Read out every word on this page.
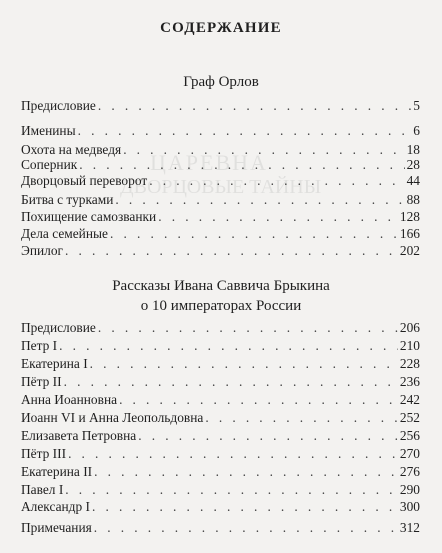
ЦАРЕВНА
ДВОРЦОВЫЕ ТАЙНЫ
СОДЕРЖАНИЕ
Граф Орлов
Предисловие . . .	5
Именины . . .	6
Охота на медведя . . .	18
Соперник . . .	28
Дворцовый переворот . . .	44
Битва с турками . . .	88
Похищение самозванки . . .	128
Дела семейные . . .	166
Эпилог . . .	202
Рассказы Ивана Саввича Брыкина
о 10 императорах России
Предисловие . . .	206
Петр I . . .	210
Екатерина I . . .	228
Пётр II . . .	236
Анна Иоанновна . . .	242
Иоанн VI и Анна Леопольдовна . . .	252
Елизавета Петровна . . .	256
Пётр III . . .	270
Екатерина II . . .	276
Павел I . . .	290
Александр I . . .	300
Примечания . . .	312
